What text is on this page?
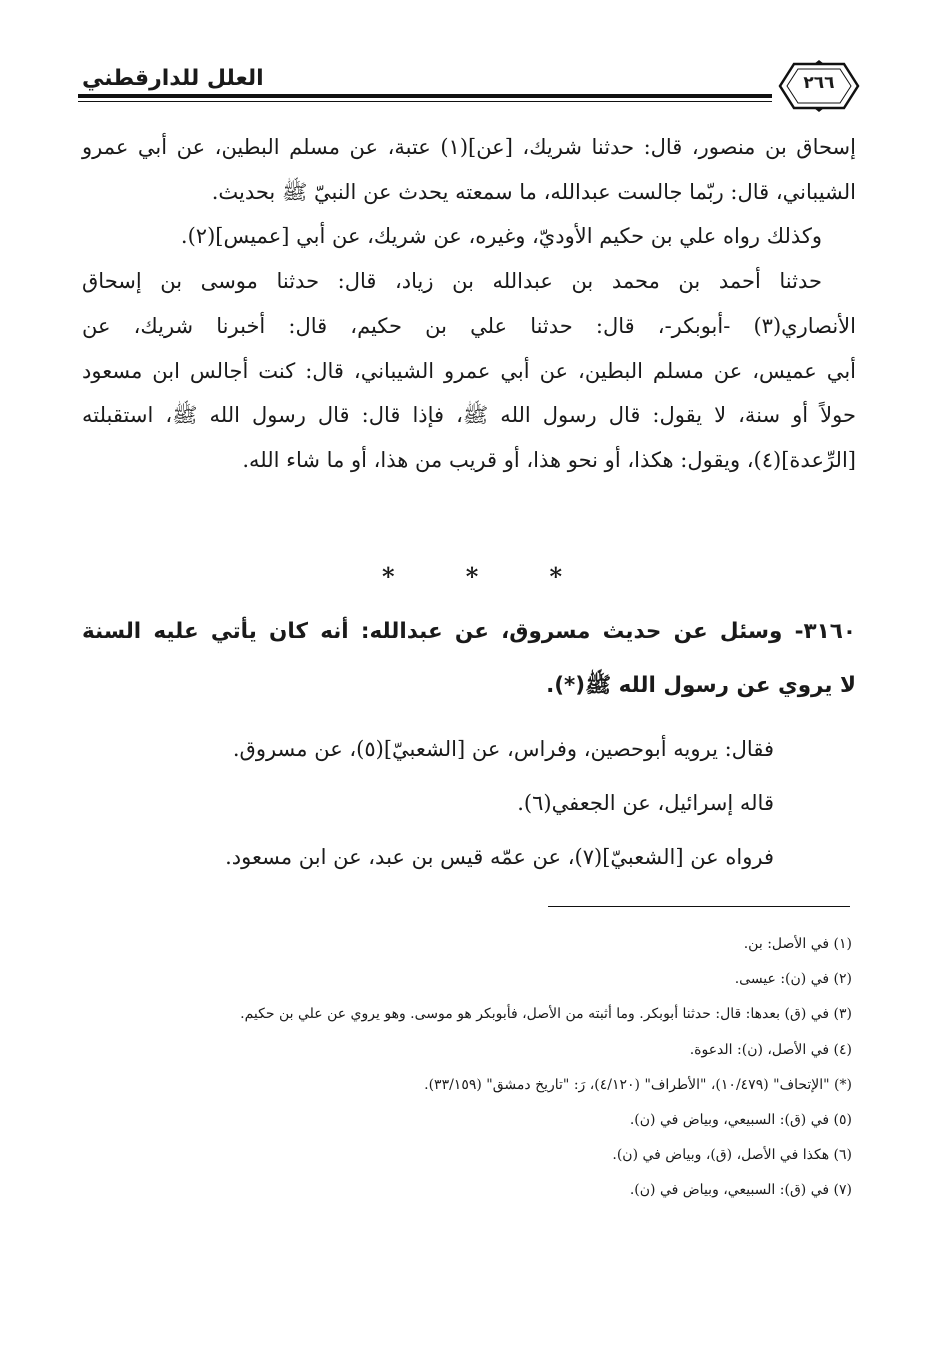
العلل للدارقطني	٢٦٦

إسحاق بن منصور، قال: حدثنا شريك، [عن](١) عتبة، عن مسلم البطين، عن أبي عمرو

الشيباني، قال: ربّما جالست عبدالله، ما سمعته يحدث عن النبيّ ﷺ بحديث.

وكذلك رواه علي بن حكيم الأوديّ، وغيره، عن شريك، عن أبي [عميس](٢).

حدثنا أحمد بن محمد بن عبدالله بن زياد، قال: حدثنا موسى بن إسحاق

الأنصاري(٣) -أبوبكر-، قال: حدثنا علي بن حكيم، قال: أخبرنا شريك، عن

أبي عميس، عن مسلم البطين، عن أبي عمرو الشيباني، قال: كنت أجالس ابن مسعود

حولاً أو سنة، لا يقول: قال رسول الله ﷺ، فإذا قال: قال رسول الله ﷺ، استقبلته

[الرِّعدة](٤)، ويقول: هكذا، أو نحو هذا، أو قريب من هذا، أو ما شاء الله.

*	*	*

٣١٦٠- وسئل عن حديث مسروق، عن عبدالله: أنه كان يأتي عليه السنة

لا يروي عن رسول الله ﷺ(*).

فقال: يرويه أبوحصين، وفراس، عن [الشعبيّ](٥)، عن مسروق.

قاله إسرائيل، عن الجعفي(٦).

فرواه عن [الشعبيّ](٧)، عن عمّه قيس بن عبد، عن ابن مسعود.

(١) في الأصل: بن.

(٢) في (ن): عيسى.

(٣) في (ق) بعدها: قال: حدثنا أبوبكر. وما أثبته من الأصل، فأبوبكر هو موسى. وهو يروي عن علي بن حكيم.

(٤) في الأصل، (ن): الدعوة.

(*) "الإتحاف" (١٠/٤٧٩)، "الأطراف" (٤/١٢٠)، رَ: "تاريخ دمشق" (٣٣/١٥٩).

(٥) في (ق): السبيعي، وبياض في (ن).

(٦) هكذا في الأصل، (ق)، وبياض في (ن).

(٧) في (ق): السبيعي، وبياض في (ن).
